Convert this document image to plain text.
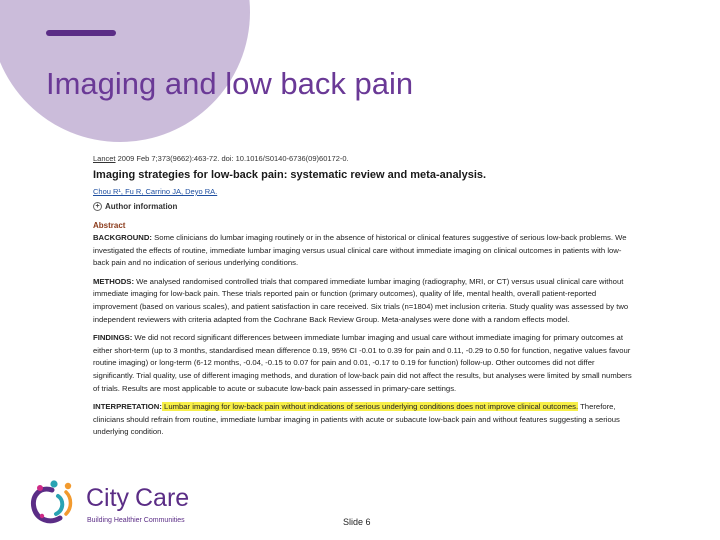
Imaging and low back pain
Lancet 2009 Feb 7;373(9662):463-72. doi: 10.1016/S0140-6736(09)60172-0.
Imaging strategies for low-back pain: systematic review and meta-analysis.
Chou R¹, Fu R, Carrino JA, Deyo RA.
+ Author information
Abstract

BACKGROUND: Some clinicians do lumbar imaging routinely or in the absence of historical or clinical features suggestive of serious low-back problems. We investigated the effects of routine, immediate lumbar imaging versus usual clinical care without immediate imaging on clinical outcomes in patients with low-back pain and no indication of serious underlying conditions.

METHODS: We analysed randomised controlled trials that compared immediate lumbar imaging (radiography, MRI, or CT) versus usual clinical care without immediate imaging for low-back pain. These trials reported pain or function (primary outcomes), quality of life, mental health, overall patient-reported improvement (based on various scales), and patient satisfaction in care received. Six trials (n=1804) met inclusion criteria. Study quality was assessed by two independent reviewers with criteria adapted from the Cochrane Back Review Group. Meta-analyses were done with a random effects model.

FINDINGS: We did not record significant differences between immediate lumbar imaging and usual care without immediate imaging for primary outcomes at either short-term (up to 3 months, standardised mean difference 0.19, 95% CI -0.01 to 0.39 for pain and 0.11, -0.29 to 0.50 for function, negative values favour routine imaging) or long-term (6-12 months, -0.04, -0.15 to 0.07 for pain and 0.01, -0.17 to 0.19 for function) follow-up. Other outcomes did not differ significantly. Trial quality, use of different imaging methods, and duration of low-back pain did not affect the results, but analyses were limited by small numbers of trials. Results are most applicable to acute or subacute low-back pain assessed in primary-care settings.

INTERPRETATION: Lumbar imaging for low-back pain without indications of serious underlying conditions does not improve clinical outcomes. Therefore, clinicians should refrain from routine, immediate lumbar imaging in patients with acute or subacute low-back pain and without features suggesting a serious underlying condition.

City Care
Building Healthier Communities	Slide 6
